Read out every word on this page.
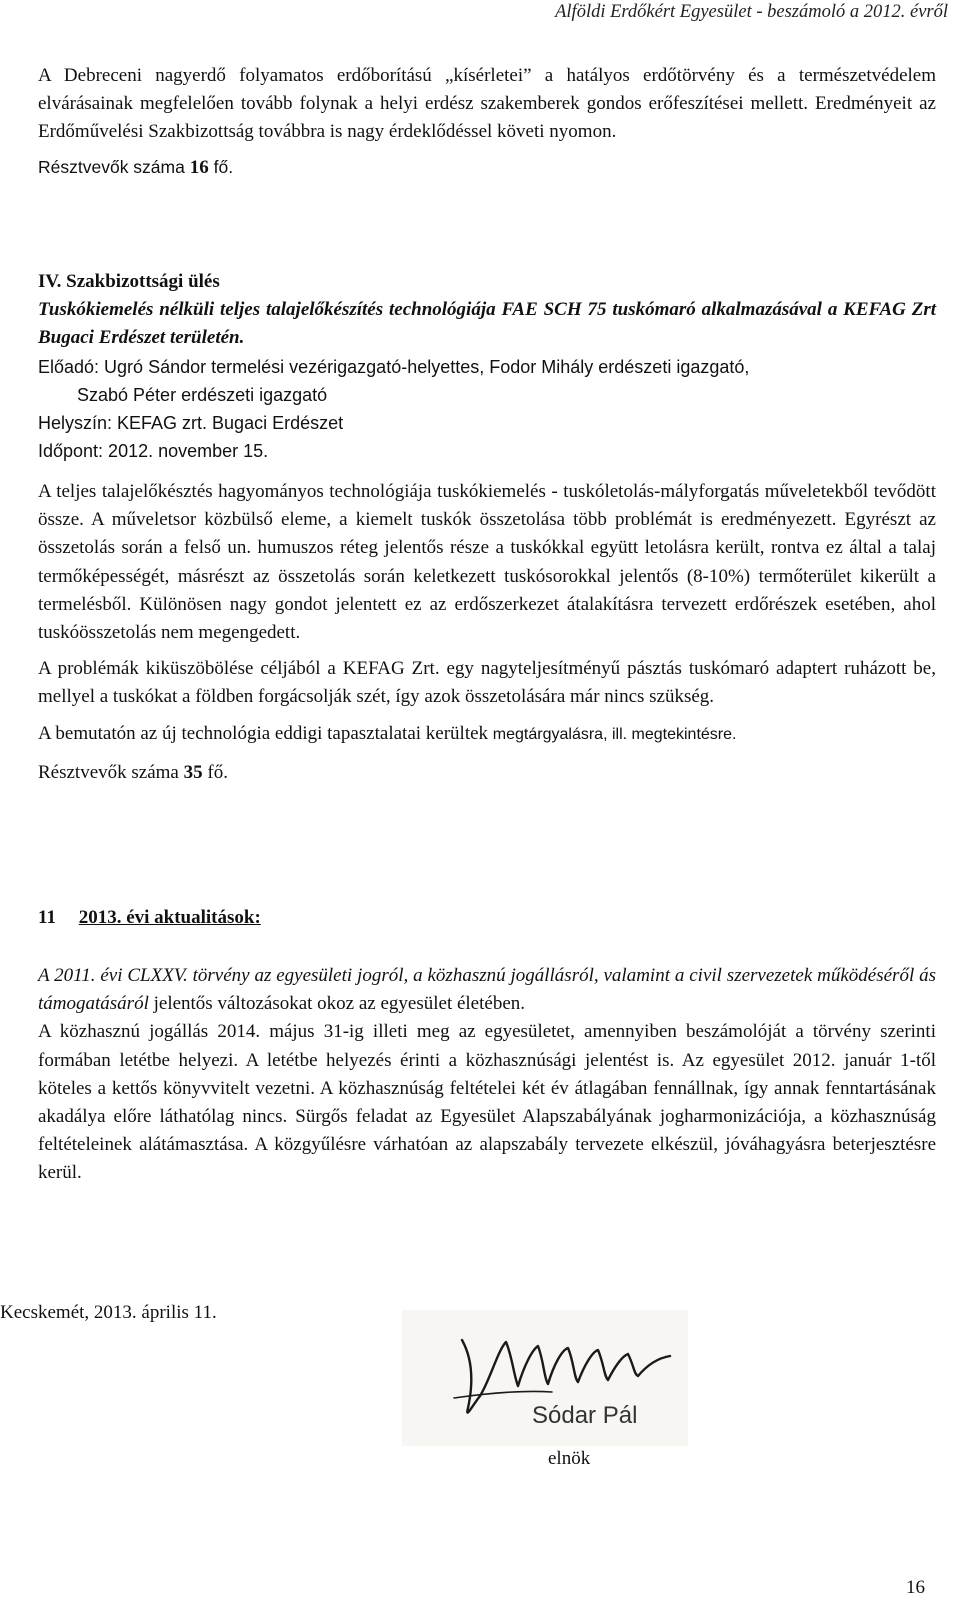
Alföldi Erdőkért Egyesület - beszámoló a 2012. évről

A Debreceni nagyerdő folyamatos erdőborítású „kísérletei” a hatályos erdőtörvény és a természetvédelem elvárásainak megfelelően tovább folynak a helyi erdész szakemberek gondos erőfeszítései mellett. Eredményeit az Erdőművelési Szakbizottság továbbra is nagy érdeklődéssel követi nyomon.

Résztvevők száma 16 fő.

IV. Szakbizottsági ülés

Tuskókiemelés nélküli teljes talajelőkészítés technológiája FAE SCH 75 tuskómaró alkalmazásával a KEFAG Zrt Bugaci Erdészet területén.

Előadó: Ugró Sándor termelési vezérigazgató-helyettes, Fodor Mihály erdészeti igazgató,

Szabó Péter erdészeti igazgató

Helyszín: KEFAG zrt. Bugaci Erdészet

Időpont: 2012. november 15.

A teljes talajelőkésztés hagyományos technológiája tuskókiemelés - tuskóletolás-mályforgatás műveletekből tevődött össze. A műveletsor közbülső eleme, a kiemelt tuskók összetolása több problémát is eredményezett. Egyrészt az összetolás során a felső un. humuszos réteg jelentős része a tuskókkal együtt letolásra került, rontva ez által a talaj termőképességét, másrészt az összetolás során keletkezett tuskósorokkal jelentős (8-10%) termőterület kikerült a termelésből. Különösen nagy gondot jelentett ez az erdőszerkezet átalakításra tervezett erdőrészek esetében, ahol tuskóösszetolás nem megengedett.

A problémák kiküszöbölése céljából a KEFAG Zrt. egy nagyteljesítményű pásztás tuskómaró adaptert ruházott be, mellyel a tuskókat a földben forgácsolják szét, így azok összetolására már nincs szükség.

A bemutatón az új technológia eddigi tapasztalatai kerültek megtárgyalásra, ill. megtekintésre.

Résztvevők száma 35 fő.

11 2013. évi aktualitások:

A 2011. évi CLXXV. törvény az egyesületi jogról, a közhasznú jogállásról, valamint a civil szervezetek működéséről ás támogatásáról jelentős változásokat okoz az egyesület életében.

A közhasznú jogállás 2014. május 31-ig illeti meg az egyesületet, amennyiben beszámolóját a törvény szerinti formában letétbe helyezi. A letétbe helyezés érinti a közhasznúsági jelentést is. Az egyesület 2012. január 1-től köteles a kettős könyvvitelt vezetni. A közhasznúság feltételei két év átlagában fennállnak, így annak fenntartásának akadálya előre láthatólag nincs. Sürgős feladat az Egyesület Alapszabályának jogharmonizációja, a közhasznúság feltételeinek alátámasztása. A közgyűlésre várhatóan az alapszabály tervezete elkészül, jóváhagyásra beterjesztésre kerül.

Kecskemét, 2013. április 11.
Sódar Pál
elnök
16
